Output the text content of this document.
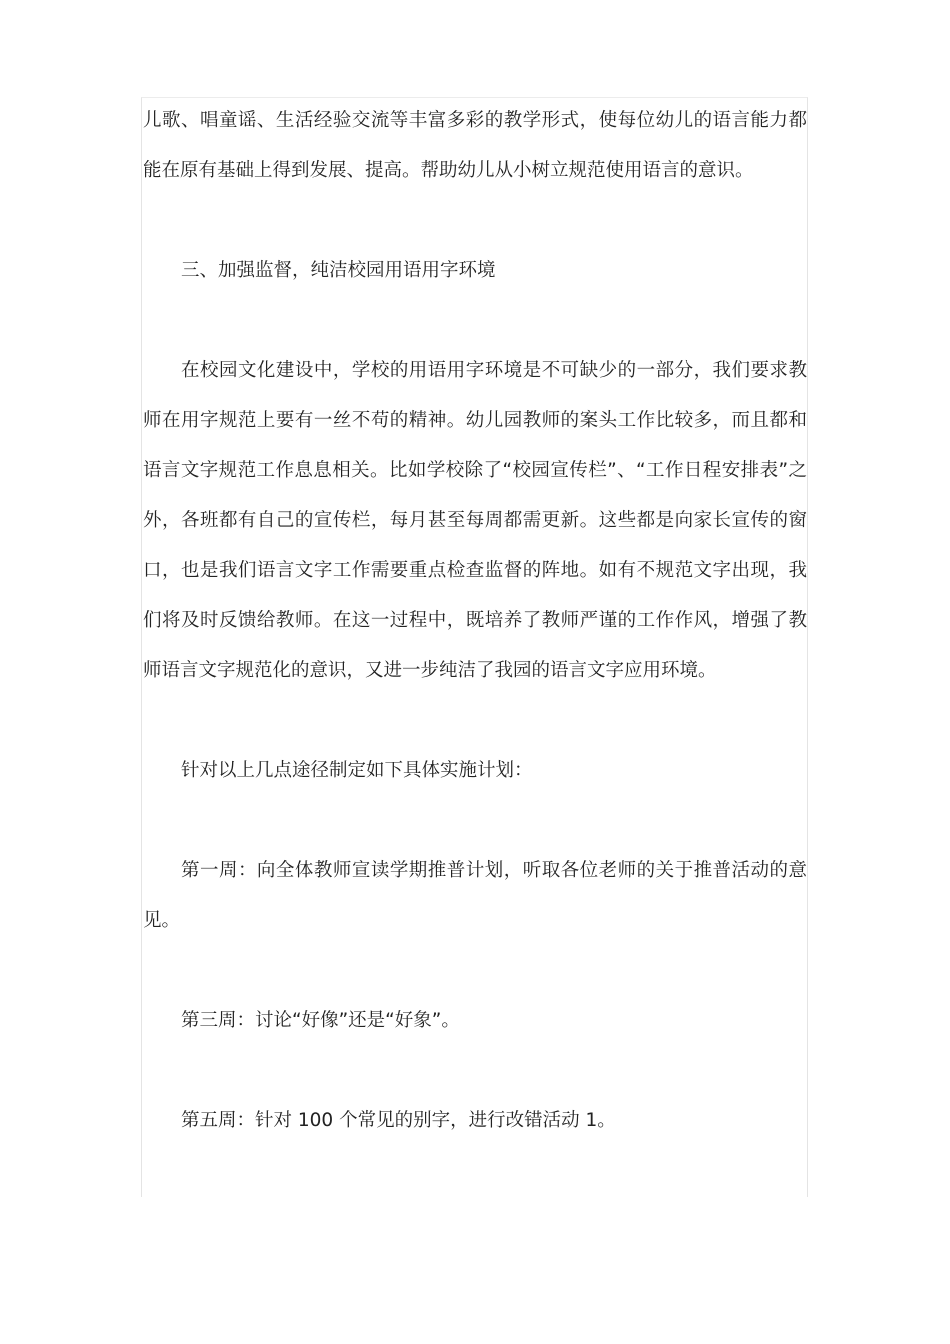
儿歌、唱童谣、生活经验交流等丰富多彩的教学形式，使每位幼儿的语言能力都能在原有基础上得到发展、提高。帮助幼儿从小树立规范使用语言的意识。

三、加强监督，纯洁校园用语用字环境

在校园文化建设中，学校的用语用字环境是不可缺少的一部分，我们要求教师在用字规范上要有一丝不苟的精神。幼儿园教师的案头工作比较多，而且都和语言文字规范工作息息相关。比如学校除了“校园宣传栏”、“工作日程安排表”之外，各班都有自己的宣传栏，每月甚至每周都需更新。这些都是向家长宣传的窗口，也是我们语言文字工作需要重点检查监督的阵地。如有不规范文字出现，我们将及时反馈给教师。在这一过程中，既培养了教师严谨的工作作风，增强了教师语言文字规范化的意识，又进一步纯洁了我园的语言文字应用环境。

针对以上几点途径制定如下具体实施计划：

第一周：向全体教师宣读学期推普计划，听取各位老师的关于推普活动的意见。

第三周：讨论“好像”还是“好象”。

第五周：针对 100 个常见的别字，进行改错活动 1。
